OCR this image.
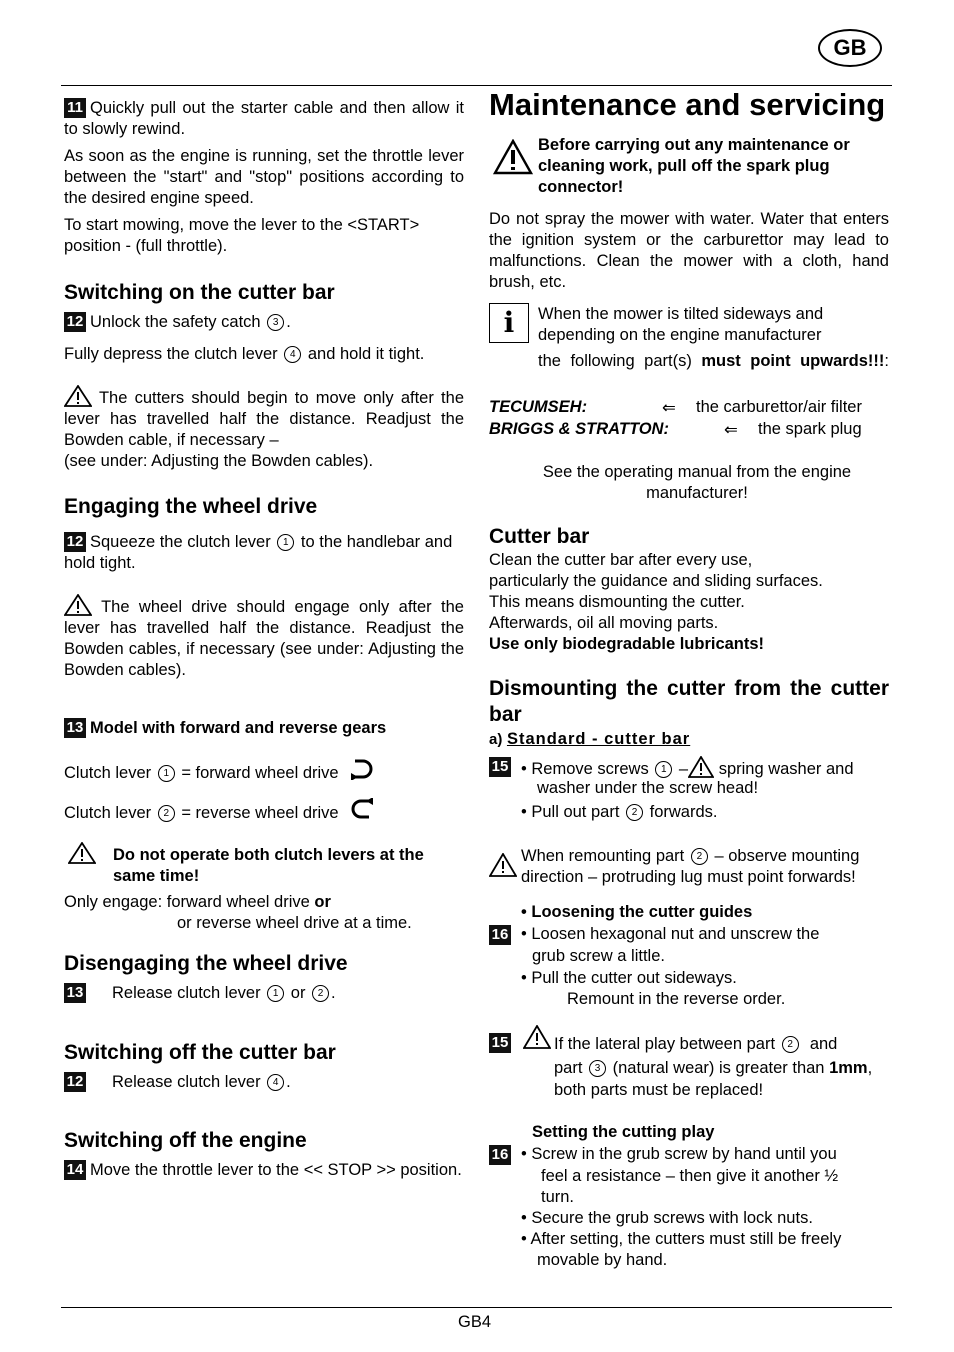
GB
GB4

11 Quickly pull out the starter cable and then allow it to slowly rewind.

As soon as the engine is running, set the throttle lever between the "start" and "stop" positions according to the desired engine speed.

To start mowing, move the lever to the <START> position - (full throttle).

Switching on the cutter bar

12 Unlock the safety catch 3 .

Fully depress the clutch lever 4 and hold it tight.

The cutters should begin to move only after the lever has travelled half the distance. Readjust the Bowden cable, if necessary –

(see under: Adjusting the Bowden cables).

Engaging the wheel drive

12 Squeeze the clutch lever 1 to the handlebar and hold tight.

The wheel drive should engage only after the lever has travelled half the distance. Readjust the Bowden cables, if necessary (see under: Adjusting the Bowden cables).

13 Model with forward and reverse gears

Clutch lever 1 = forward wheel drive

Clutch lever 2 = reverse wheel drive

Do not operate both clutch levers at the same time!

Only engage: forward wheel drive or

or reverse wheel drive at a time.

Disengaging the wheel drive

13 Release clutch lever 1 or 2 .

Switching off the cutter bar

12 Release clutch lever 4 .

Switching off the engine

14 Move the throttle lever to the << STOP >> position.

Maintenance and servicing

Before carrying out any maintenance or cleaning work, pull off the spark plug connector!

Do not spray the mower with water. Water that enters the ignition system or the carburettor may lead to malfunctions. Clean the mower with a cloth, hand brush, etc.

i	When the mower is tilted sideways and depending on the engine manufacturer

the following part(s) must point upwards!!!:

TECUMSEH:	⇐ the carburettor/air filter
BRIGGS & STRATTON:	⇐ the spark plug

See the operating manual from the engine manufacturer!

Cutter bar

Clean the cutter bar after every use,

particularly the guidance and sliding surfaces.

This means dismounting the cutter.

Afterwards, oil all moving parts.

Use only biodegradable lubricants!

Dismounting the cutter from the cutter bar

a) Standard - cutter bar

15 • Remove screws 1 – spring washer and

washer under the screw head!

• Pull out part 2 forwards.

When remounting part 2 – observe mounting direction – protruding lug must point forwards!

• Loosening the cutter guides

16 • Loosen hexagonal nut and unscrew the

grub screw a little.

• Pull the cutter out sideways.

Remount in the reverse order.

15	If the lateral play between part 2 and

part 3 (natural wear) is greater than 1mm,

both parts must be replaced!

Setting the cutting play

16 • Screw in the grub screw by hand until you

feel a resistance – then give it another ½

turn.

• Secure the grub screws with lock nuts.

• After setting, the cutters must still be freely

movable by hand.
